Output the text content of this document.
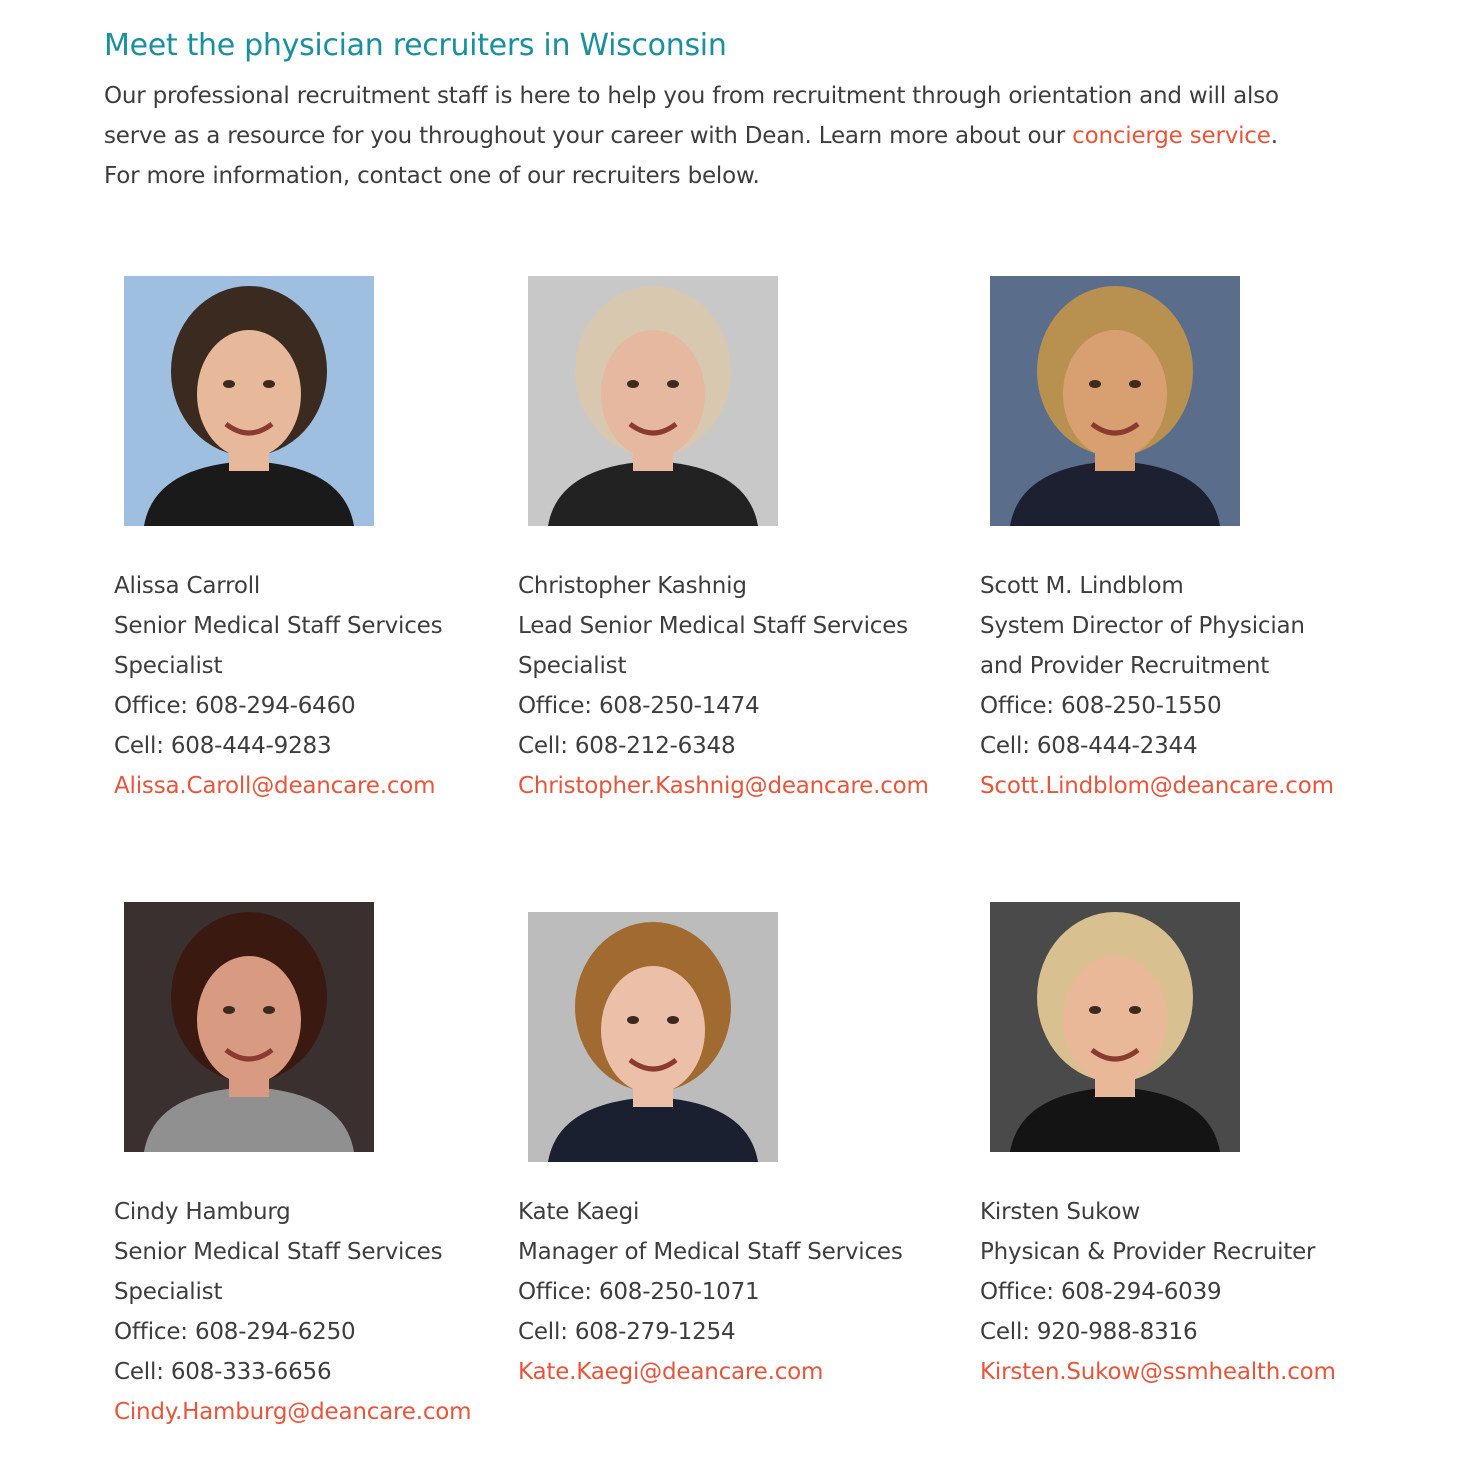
Meet the physician recruiters in Wisconsin
Our professional recruitment staff is here to help you from recruitment through orientation and will also
serve as a resource for you throughout your career with Dean. Learn more about our concierge service.
For more information, contact one of our recruiters below.
Alissa Carroll
Senior Medical Staff Services
Specialist
Office: 608-294-6460
Cell: 608-444-9283
Alissa.Caroll@deancare.com
Christopher Kashnig
Lead Senior Medical Staff Services
Specialist
Office: 608-250-1474
Cell: 608-212-6348
Christopher.Kashnig@deancare.com
Scott M. Lindblom
System Director of Physician
and Provider Recruitment
Office: 608-250-1550
Cell: 608-444-2344
Scott.Lindblom@deancare.com
Cindy Hamburg
Senior Medical Staff Services
Specialist
Office: 608-294-6250
Cell: 608-333-6656
Cindy.Hamburg@deancare.com
Kate Kaegi
Manager of Medical Staff Services
Office: 608-250-1071
Cell: 608-279-1254
Kate.Kaegi@deancare.com
Kirsten Sukow
Physican & Provider Recruiter
Office: 608-294-6039
Cell: 920-988-8316
Kirsten.Sukow@ssmhealth.com
